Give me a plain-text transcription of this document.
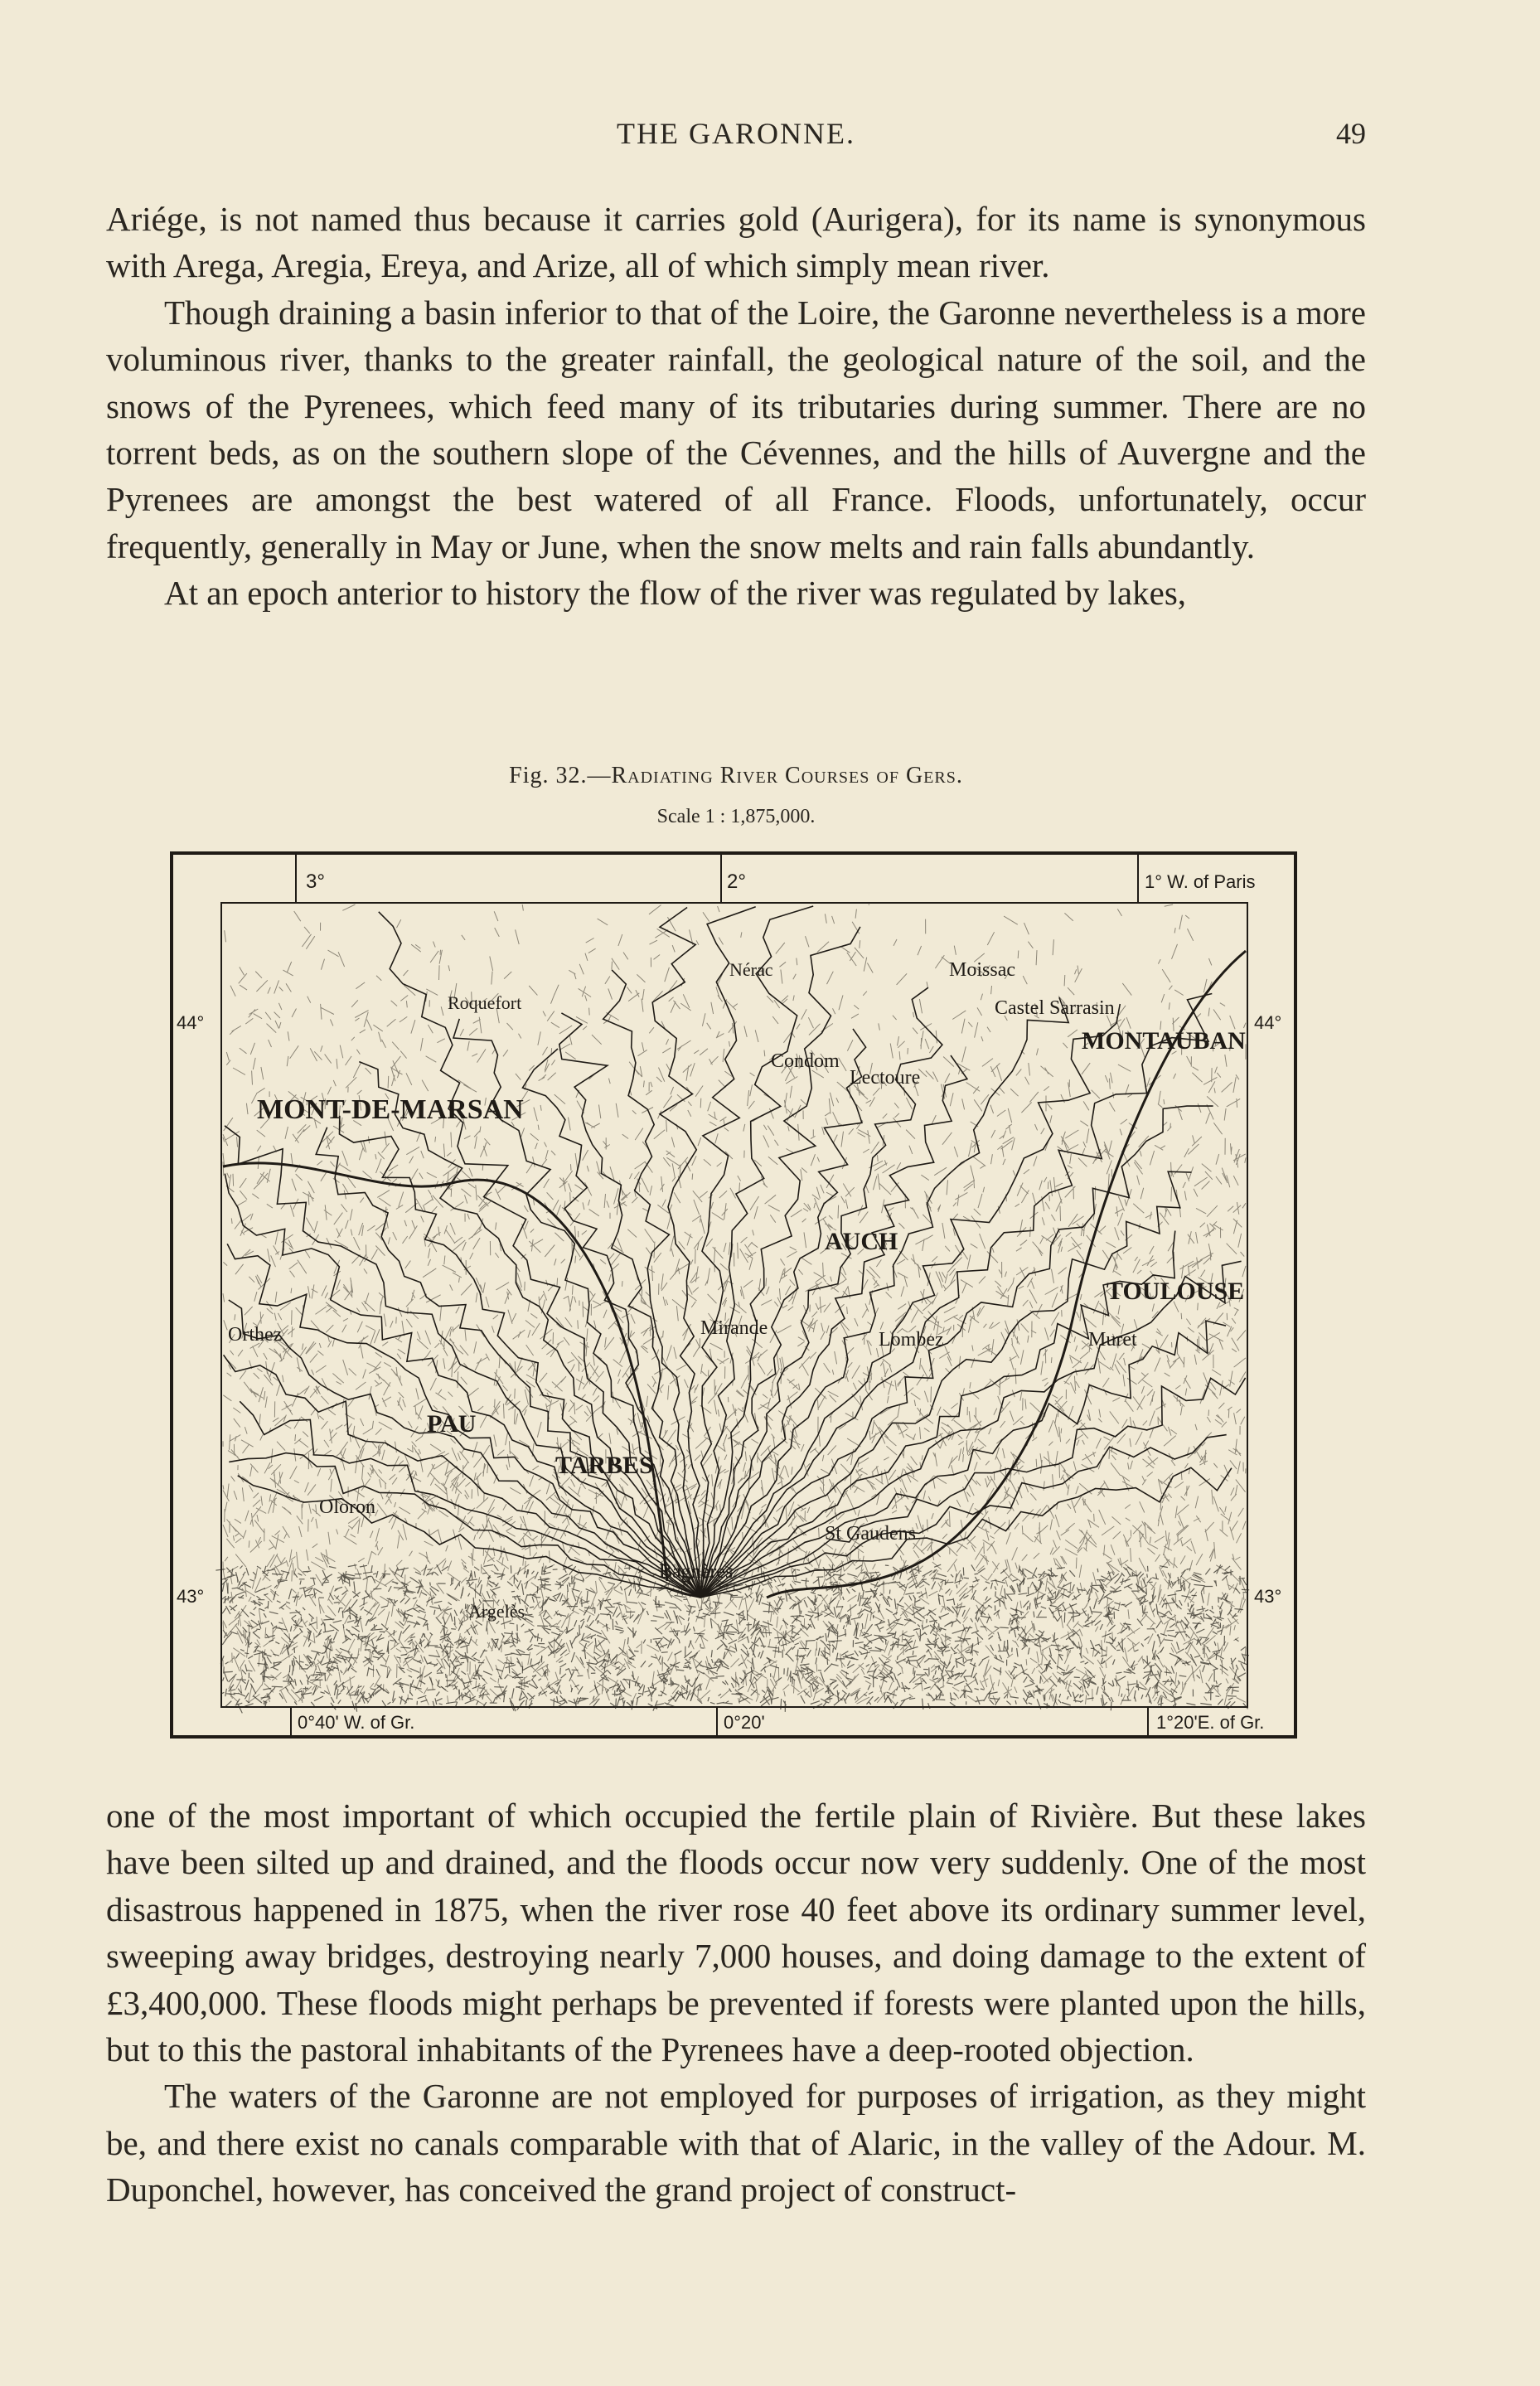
THE GARONNE.	49

Ariége, is not named thus because it carries gold (Aurigera), for its name is synonymous with Arega, Aregia, Ereya, and Arize, all of which simply mean river.

Though draining a basin inferior to that of the Loire, the Garonne nevertheless is a more voluminous river, thanks to the greater rainfall, the geological nature of the soil, and the snows of the Pyrenees, which feed many of its tributaries during summer. There are no torrent beds, as on the southern slope of the Cévennes, and the hills of Auvergne and the Pyrenees are amongst the best watered of all France. Floods, unfortunately, occur frequently, generally in May or June, when the snow melts and rain falls abundantly.

At an epoch anterior to history the flow of the river was regulated by lakes,

Fig. 32.—Radiating River Courses of Gers.
Scale 1 : 1,875,000.
3°	2°	1° W. of Paris
0°40' W. of Gr.	0°20'	1°20'E. of Gr.
44°
43°
44°
43°
MONT-DE-MARSAN
MONTAUBAN
AUCH
TOULOUSE
PAU
TARBES
Moissac
Castel Sarrasin
Condom
Lectoure
Mirande
Lombez	Muret
Orthez
Oloron
Bagnères
St Gaudens
Argelès
Roquefort
Nérac

one of the most important of which occupied the fertile plain of Rivière. But these lakes have been silted up and drained, and the floods occur now very suddenly. One of the most disastrous happened in 1875, when the river rose 40 feet above its ordinary summer level, sweeping away bridges, destroying nearly 7,000 houses, and doing damage to the extent of £3,400,000. These floods might perhaps be prevented if forests were planted upon the hills, but to this the pastoral inhabitants of the Pyrenees have a deep-rooted objection.

The waters of the Garonne are not employed for purposes of irrigation, as they might be, and there exist no canals comparable with that of Alaric, in the valley of the Adour. M. Duponchel, however, has conceived the grand project of construct-
